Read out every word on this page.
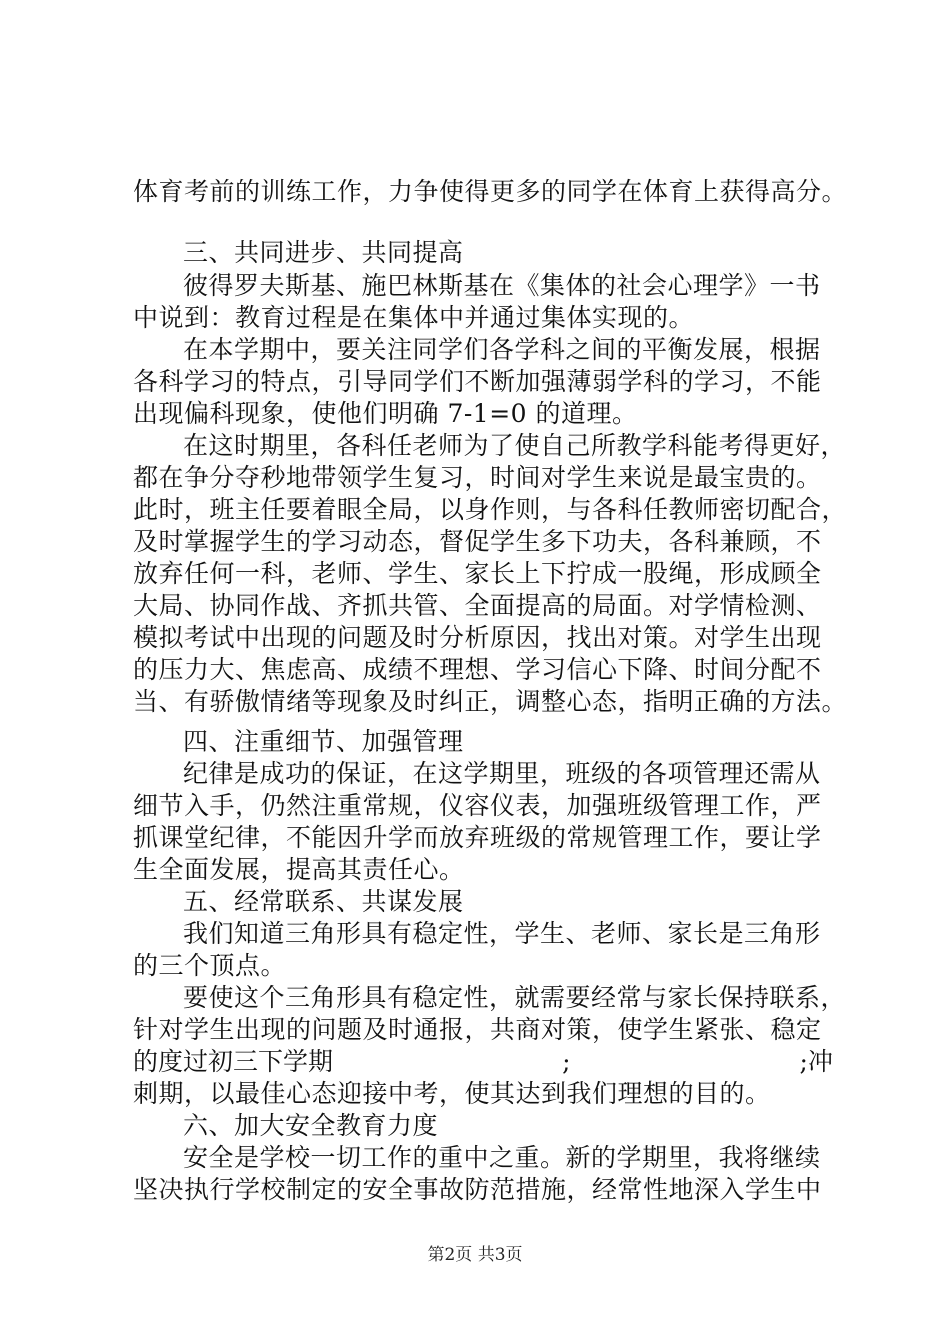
体育考前的训练工作，力争使得更多的同学在体育上获得高分。
三、共同进步、共同提高
彼得罗夫斯基、施巴林斯基在《集体的社会心理学》一书
中说到：教育过程是在集体中并通过集体实现的。
在本学期中，要关注同学们各学科之间的平衡发展，根据
各科学习的特点，引导同学们不断加强薄弱学科的学习，不能
出现偏科现象，使他们明确 7-1=0 的道理。
在这时期里，各科任老师为了使自己所教学科能考得更好，
都在争分夺秒地带领学生复习，时间对学生来说是最宝贵的。
此时，班主任要着眼全局，以身作则，与各科任教师密切配合，
及时掌握学生的学习动态，督促学生多下功夫，各科兼顾，不
放弃任何一科，老师、学生、家长上下拧成一股绳，形成顾全
大局、协同作战、齐抓共管、全面提高的局面。对学情检测、
模拟考试中出现的问题及时分析原因，找出对策。对学生出现
的压力大、焦虑高、成绩不理想、学习信心下降、时间分配不
当、有骄傲情绪等现象及时纠正，调整心态，指明正确的方法。
四、注重细节、加强管理
纪律是成功的保证，在这学期里，班级的各项管理还需从
细节入手，仍然注重常规，仪容仪表，加强班级管理工作，严
抓课堂纪律，不能因升学而放弃班级的常规管理工作，要让学
生全面发展，提高其责任心。
五、经常联系、共谋发展
我们知道三角形具有稳定性，学生、老师、家长是三角形
的三个顶点。
要使这个三角形具有稳定性，就需要经常与家长保持联系，
针对学生出现的问题及时通报，共商对策，使学生紧张、稳定
的度过初三下学期	;	;冲
刺期，以最佳心态迎接中考，使其达到我们理想的目的。
六、加大安全教育力度
安全是学校一切工作的重中之重。新的学期里，我将继续
坚决执行学校制定的安全事故防范措施，经常性地深入学生中
第2页 共3页
